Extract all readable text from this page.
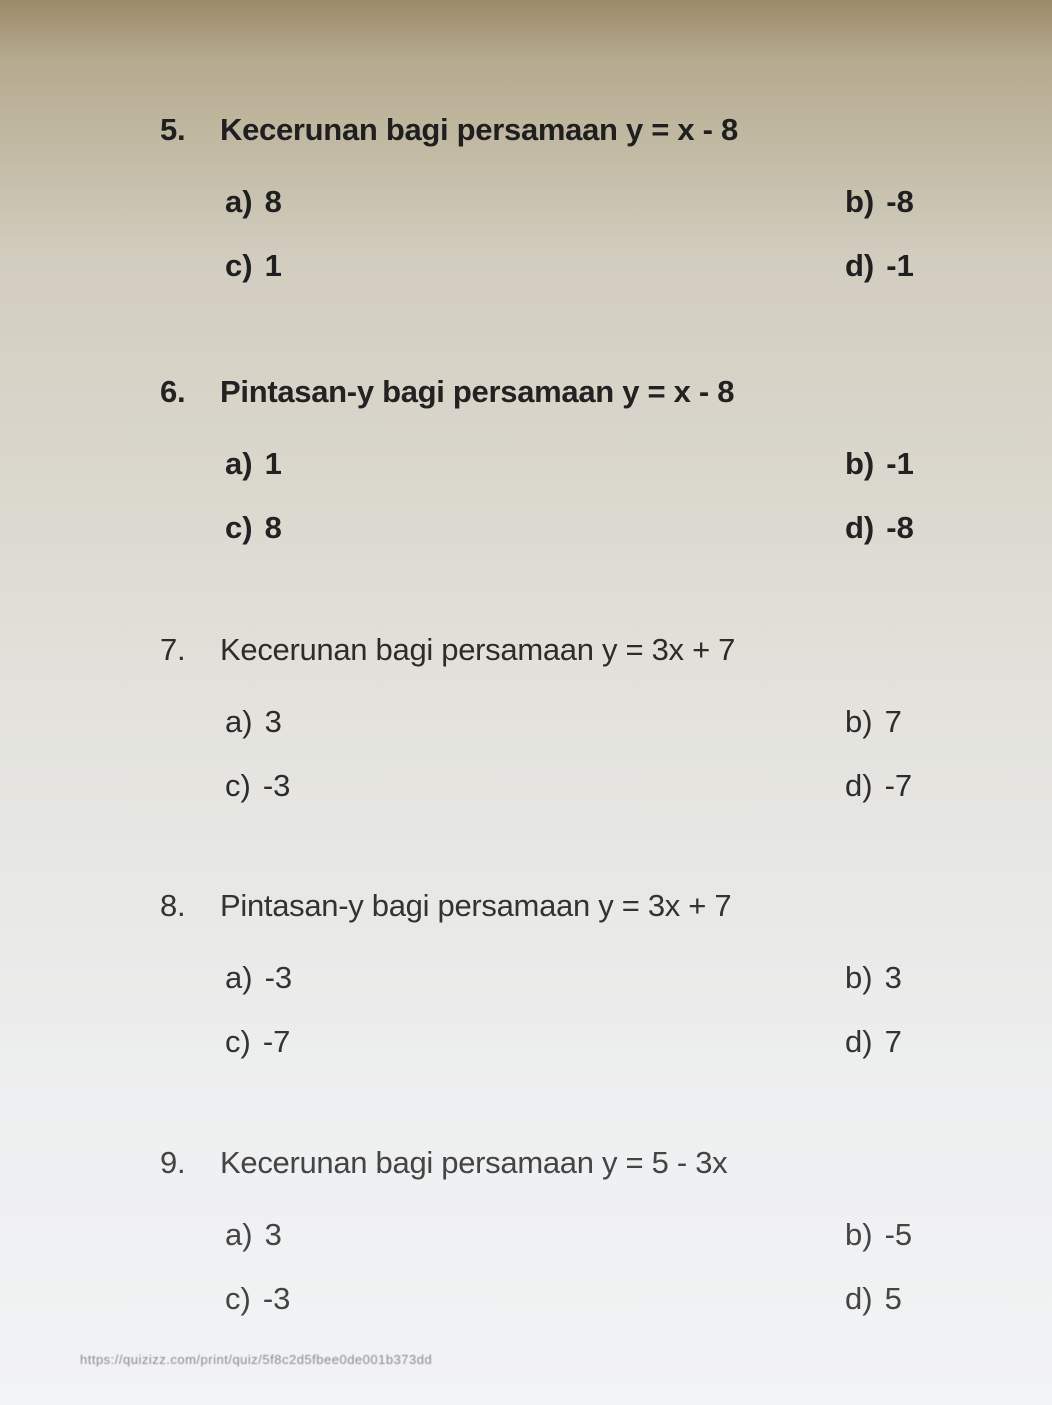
5. Kecerunan bagi persamaan y = x - 8
a) 8	b) -8
c) 1	d) -1
6. Pintasan-y bagi persamaan y = x - 8
a) 1	b) -1
c) 8	d) -8
7. Kecerunan bagi persamaan y = 3x + 7
a) 3	b) 7
c) -3	d) -7
8. Pintasan-y bagi persamaan y = 3x + 7
a) -3	b) 3
c) -7	d) 7
9. Kecerunan bagi persamaan y = 5 - 3x
a) 3	b) -5
c) -3	d) 5
https://quizizz.com/print/quiz/5f8c2d5fbee0de001b373dd
